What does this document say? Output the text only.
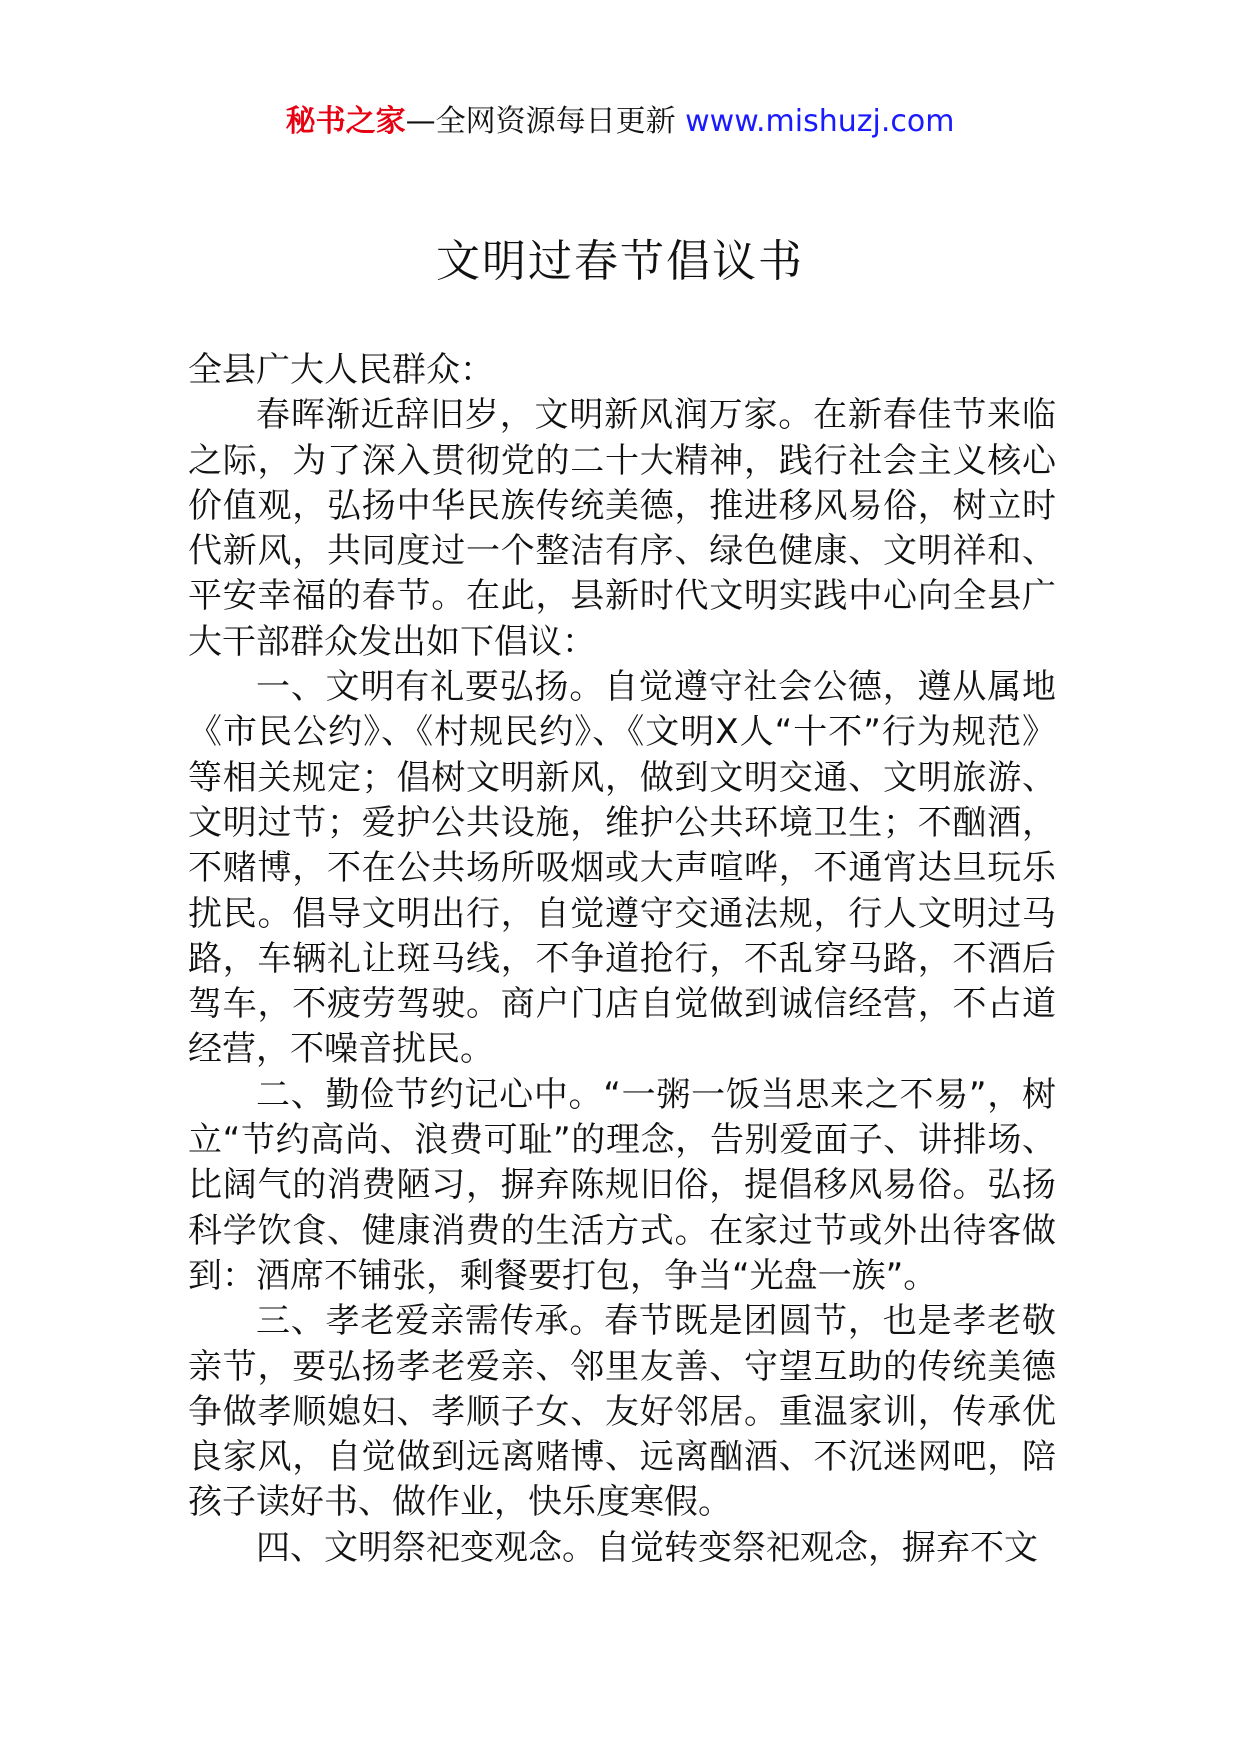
秘书之家—全网资源每日更新 www.mishuzj.com
文明过春节倡议书

全县广大人民群众：

春晖渐近辞旧岁，文明新风润万家。在新春佳节来临之际，为了深入贯彻党的二十大精神，践行社会主义核心价值观，弘扬中华民族传统美德，推进移风易俗，树立时代新风，共同度过一个整洁有序、绿色健康、文明祥和、平安幸福的春节。在此，县新时代文明实践中心向全县广大干部群众发出如下倡议：

一、文明有礼要弘扬。自觉遵守社会公德，遵从属地《市民公约》、《村规民约》、《文明X人“十不”行为规范》等相关规定；倡树文明新风，做到文明交通、文明旅游、文明过节；爱护公共设施，维护公共环境卫生；不酗酒，不赌博，不在公共场所吸烟或大声喧哗，不通宵达旦玩乐扰民。倡导文明出行，自觉遵守交通法规，行人文明过马路，车辆礼让斑马线，不争道抢行，不乱穿马路，不酒后驾车，不疲劳驾驶。商户门店自觉做到诚信经营，不占道经营，不噪音扰民。

二、勤俭节约记心中。“一粥一饭当思来之不易”，树立“节约高尚、浪费可耻”的理念，告别爱面子、讲排场、比阔气的消费陋习，摒弃陈规旧俗，提倡移风易俗。弘扬科学饮食、健康消费的生活方式。在家过节或外出待客做到：酒席不铺张，剩餐要打包，争当“光盘一族”。

三、孝老爱亲需传承。春节既是团圆节，也是孝老敬亲节，要弘扬孝老爱亲、邻里友善、守望互助的传统美德争做孝顺媳妇、孝顺子女、友好邻居。重温家训，传承优良家风，自觉做到远离赌博、远离酗酒、不沉迷网吧，陪孩子读好书、做作业，快乐度寒假。

四、文明祭祀变观念。自觉转变祭祀观念，摒弃不文
